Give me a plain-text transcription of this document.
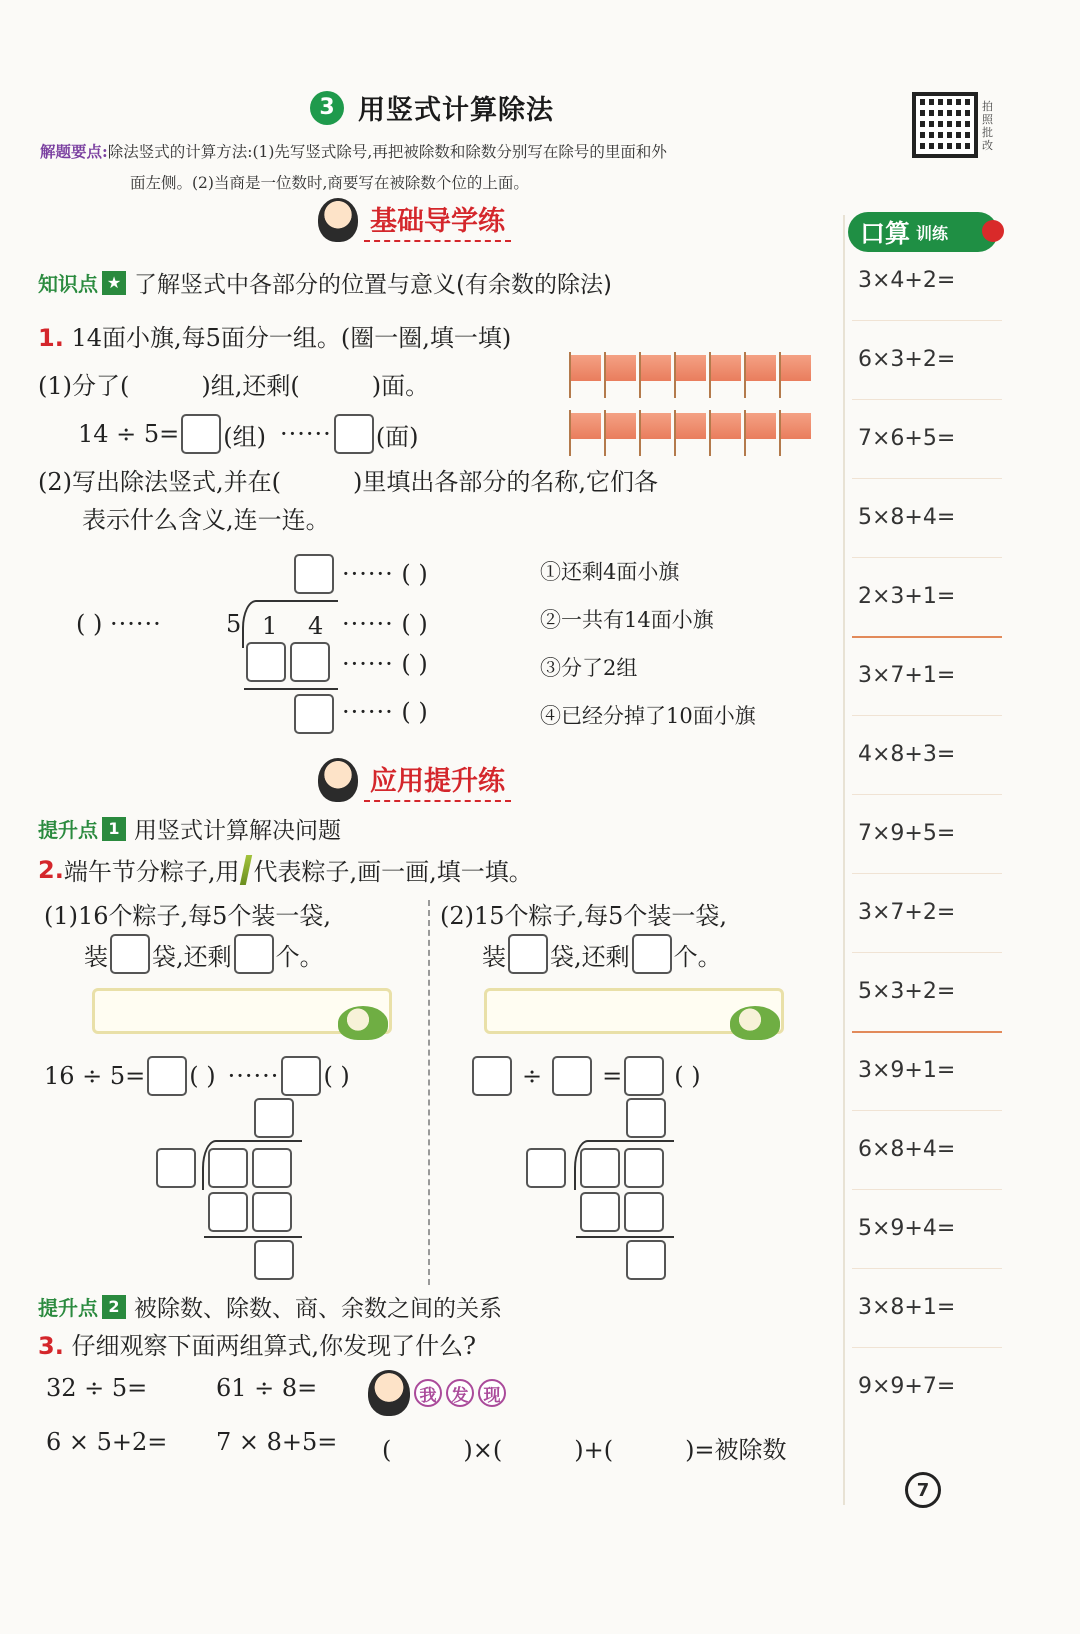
3 用竖式计算除法	拍照批改
解题要点:除法竖式的计算方法:(1)先写竖式除号,再把被除数和除数分别写在除号的里面和外
面左侧。(2)当商是一位数时,商要写在被除数个位的上面。
基础导学练
知识点 ★ 了解竖式中各部分的位置与意义(有余数的除法)
1. 14面小旗,每5面分一组。(圈一圈,填一填)
(1)分了(	)组,还剩(	)面。
14 ÷ 5= (组) ······ (面)
(2)写出除法竖式,并在(	)里填出各部分的名称,它们各
表示什么含义,连一连。
······ ( )
( ) ······	5 1 4 ······ ( )
······ ( )
······ ( )
①还剩4面小旗
②一共有14面小旗
③分了2组
④已经分掉了10面小旗
应用提升练
提升点 1 用竖式计算解决问题
2. 端午节分粽子,用 代表粽子,画一画,填一填。
(1)16个粽子,每5个装一袋,
装 袋,还剩 个。
16 ÷ 5= ( ) ······ ( )
(2)15个粽子,每5个装一袋,
装 袋,还剩 个。
÷	= ( )
提升点 2 被除数、除数、商、余数之间的关系
3. 仔细观察下面两组算式,你发现了什么?
32 ÷ 5=	61 ÷ 8=
6 × 5+2= 7 × 8+5=
我 发 现
(	)×(	)+(	)=被除数
口算 训练
3×4+2=
6×3+2=
7×6+5=
5×8+4=
2×3+1=
3×7+1=
4×8+3=
7×9+5=
3×7+2=
5×3+2=
3×9+1=
6×8+4=
5×9+4=
3×8+1=
9×9+7=
7
